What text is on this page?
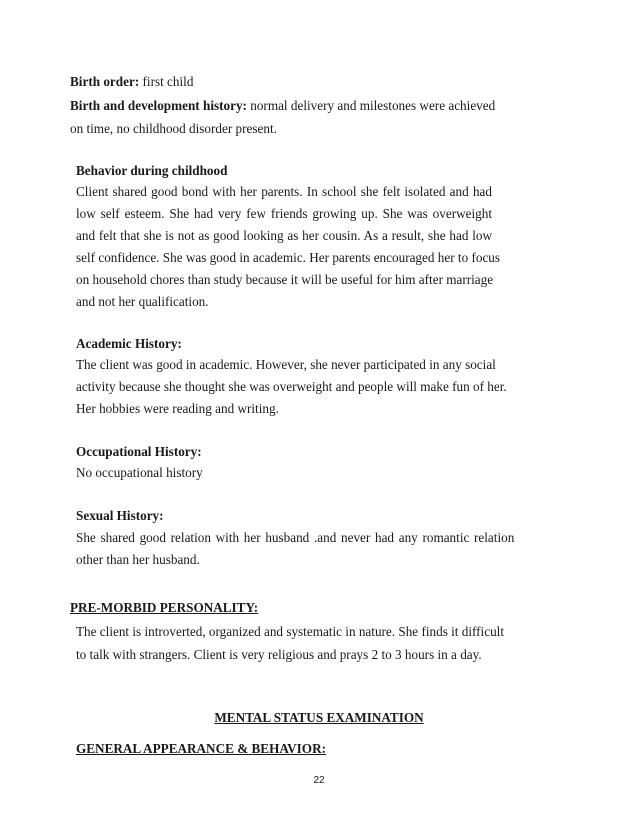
Birth order: first child
Birth and development history: normal delivery and milestones were achieved
on time, no childhood disorder present.
Behavior during childhood
Client shared good bond with her parents. In school she felt isolated and had
low self esteem. She had very few friends growing up. She was overweight
and felt that she is not as good looking as her cousin. As a result, she had low
self confidence. She was good in academic. Her parents encouraged her to focus
on household chores than study because it will be useful for him after marriage
and not her qualification.
Academic History:
The client was good in academic. However, she never participated in any social
activity because she thought she was overweight and people will make fun of her.
Her hobbies were reading and writing.
Occupational History:
No occupational history
Sexual History:
She shared good relation with her husband .and never had any romantic relation
other than her husband.
PRE-MORBID PERSONALITY:
The client is introverted, organized and systematic in nature. She finds it difficult
to talk with strangers. Client is very religious and prays 2 to 3 hours in a day.
MENTAL STATUS EXAMINATION
GENERAL APPEARANCE & BEHAVIOR:
22
